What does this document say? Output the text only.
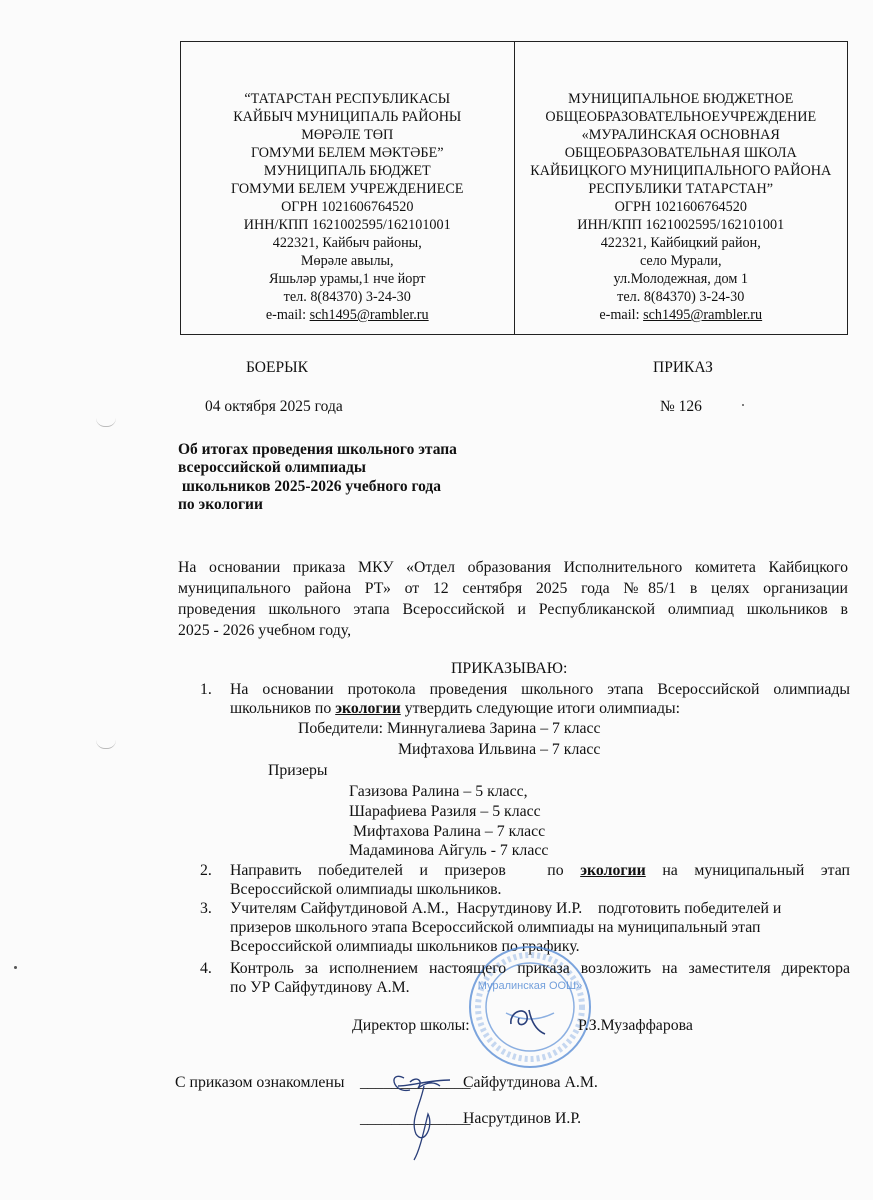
“ТАТАРСТАН РЕСПУБЛИКАСЫ
КАЙБЫЧ МУНИЦИПАЛЬ РАЙОНЫ
МӨРӘЛЕ ТӨП
ГОМУМИ БЕЛЕМ МӘКТӘБЕ”
МУНИЦИПАЛЬ БЮДЖЕТ
ГОМУМИ БЕЛЕМ УЧРЕЖДЕНИЕСЕ
ОГРН 1021606764520
ИНН/КПП 1621002595/162101001
422321, Кайбыч районы,
Мөрәле авылы,
Яшьләр урамы,1 нче йорт
тел. 8(84370) 3-24-30
e-mail: sch1495@rambler.ru
МУНИЦИПАЛЬНОЕ БЮДЖЕТНОЕ
ОБЩЕОБРАЗОВАТЕЛЬНОЕУЧРЕЖДЕНИЕ
«МУРАЛИНСКАЯ ОСНОВНАЯ
ОБЩЕОБРАЗОВАТЕЛЬНАЯ ШКОЛА
КАЙБИЦКОГО МУНИЦИПАЛЬНОГО РАЙОНА
РЕСПУБЛИКИ ТАТАРСТАН”
ОГРН 1021606764520
ИНН/КПП 1621002595/162101001
422321, Кайбицкий район,
село Мурали,
ул.Молодежная, дом 1
тел. 8(84370) 3-24-30
e-mail: sch1495@rambler.ru
БОЕРЫК	ПРИКАЗ
04 октября 2025 года	№ 126
Об итогах проведения школьного этапа
всероссийской олимпиады
школьников 2025-2026 учебного года
по экологии
На основании приказа МКУ «Отдел образования Исполнительного комитета Кайбицкого
муниципального района РТ» от 12 сентября 2025 года №85/1 в целях организации
проведения школьного этапа Всероссийской и Республиканской олимпиад школьников в
2025 - 2026 учебном году,
ПРИКАЗЫВАЮ:
1. На основании протокола проведения школьного этапа Всероссийской олимпиады
школьников по экологии утвердить следующие итоги олимпиады:
Победители: Миннугалиева Зарина – 7 класс
Мифтахова Ильвина – 7 класс
Призеры
Газизова Ралина – 5 класс,
Шарафиева Разиля – 5 класс
Мифтахова Ралина – 7 класс
Мадаминова Айгуль - 7 класс
2. Направить  победителей  и  призеров     по  экологии  на  муниципальный  этап
Всероссийской олимпиады школьников.
3. Учителям Сайфутдиновой А.М.,  Насрутдинову И.Р.    подготовить победителей и
призеров школьного этапа Всероссийской олимпиады на муниципальный этап
Всероссийской олимпиады школьников по графику.
Муралинская ООШ»
4. Контроль за исполнением настоящего приказа возложить на заместителя директора
по УР Сайфутдинову А.М.
Директор школы:	Р.З.Музаффарова
С приказом ознакомлены ______________
Сайфутдинова А.М.
______________
Насрутдинов И.Р.
